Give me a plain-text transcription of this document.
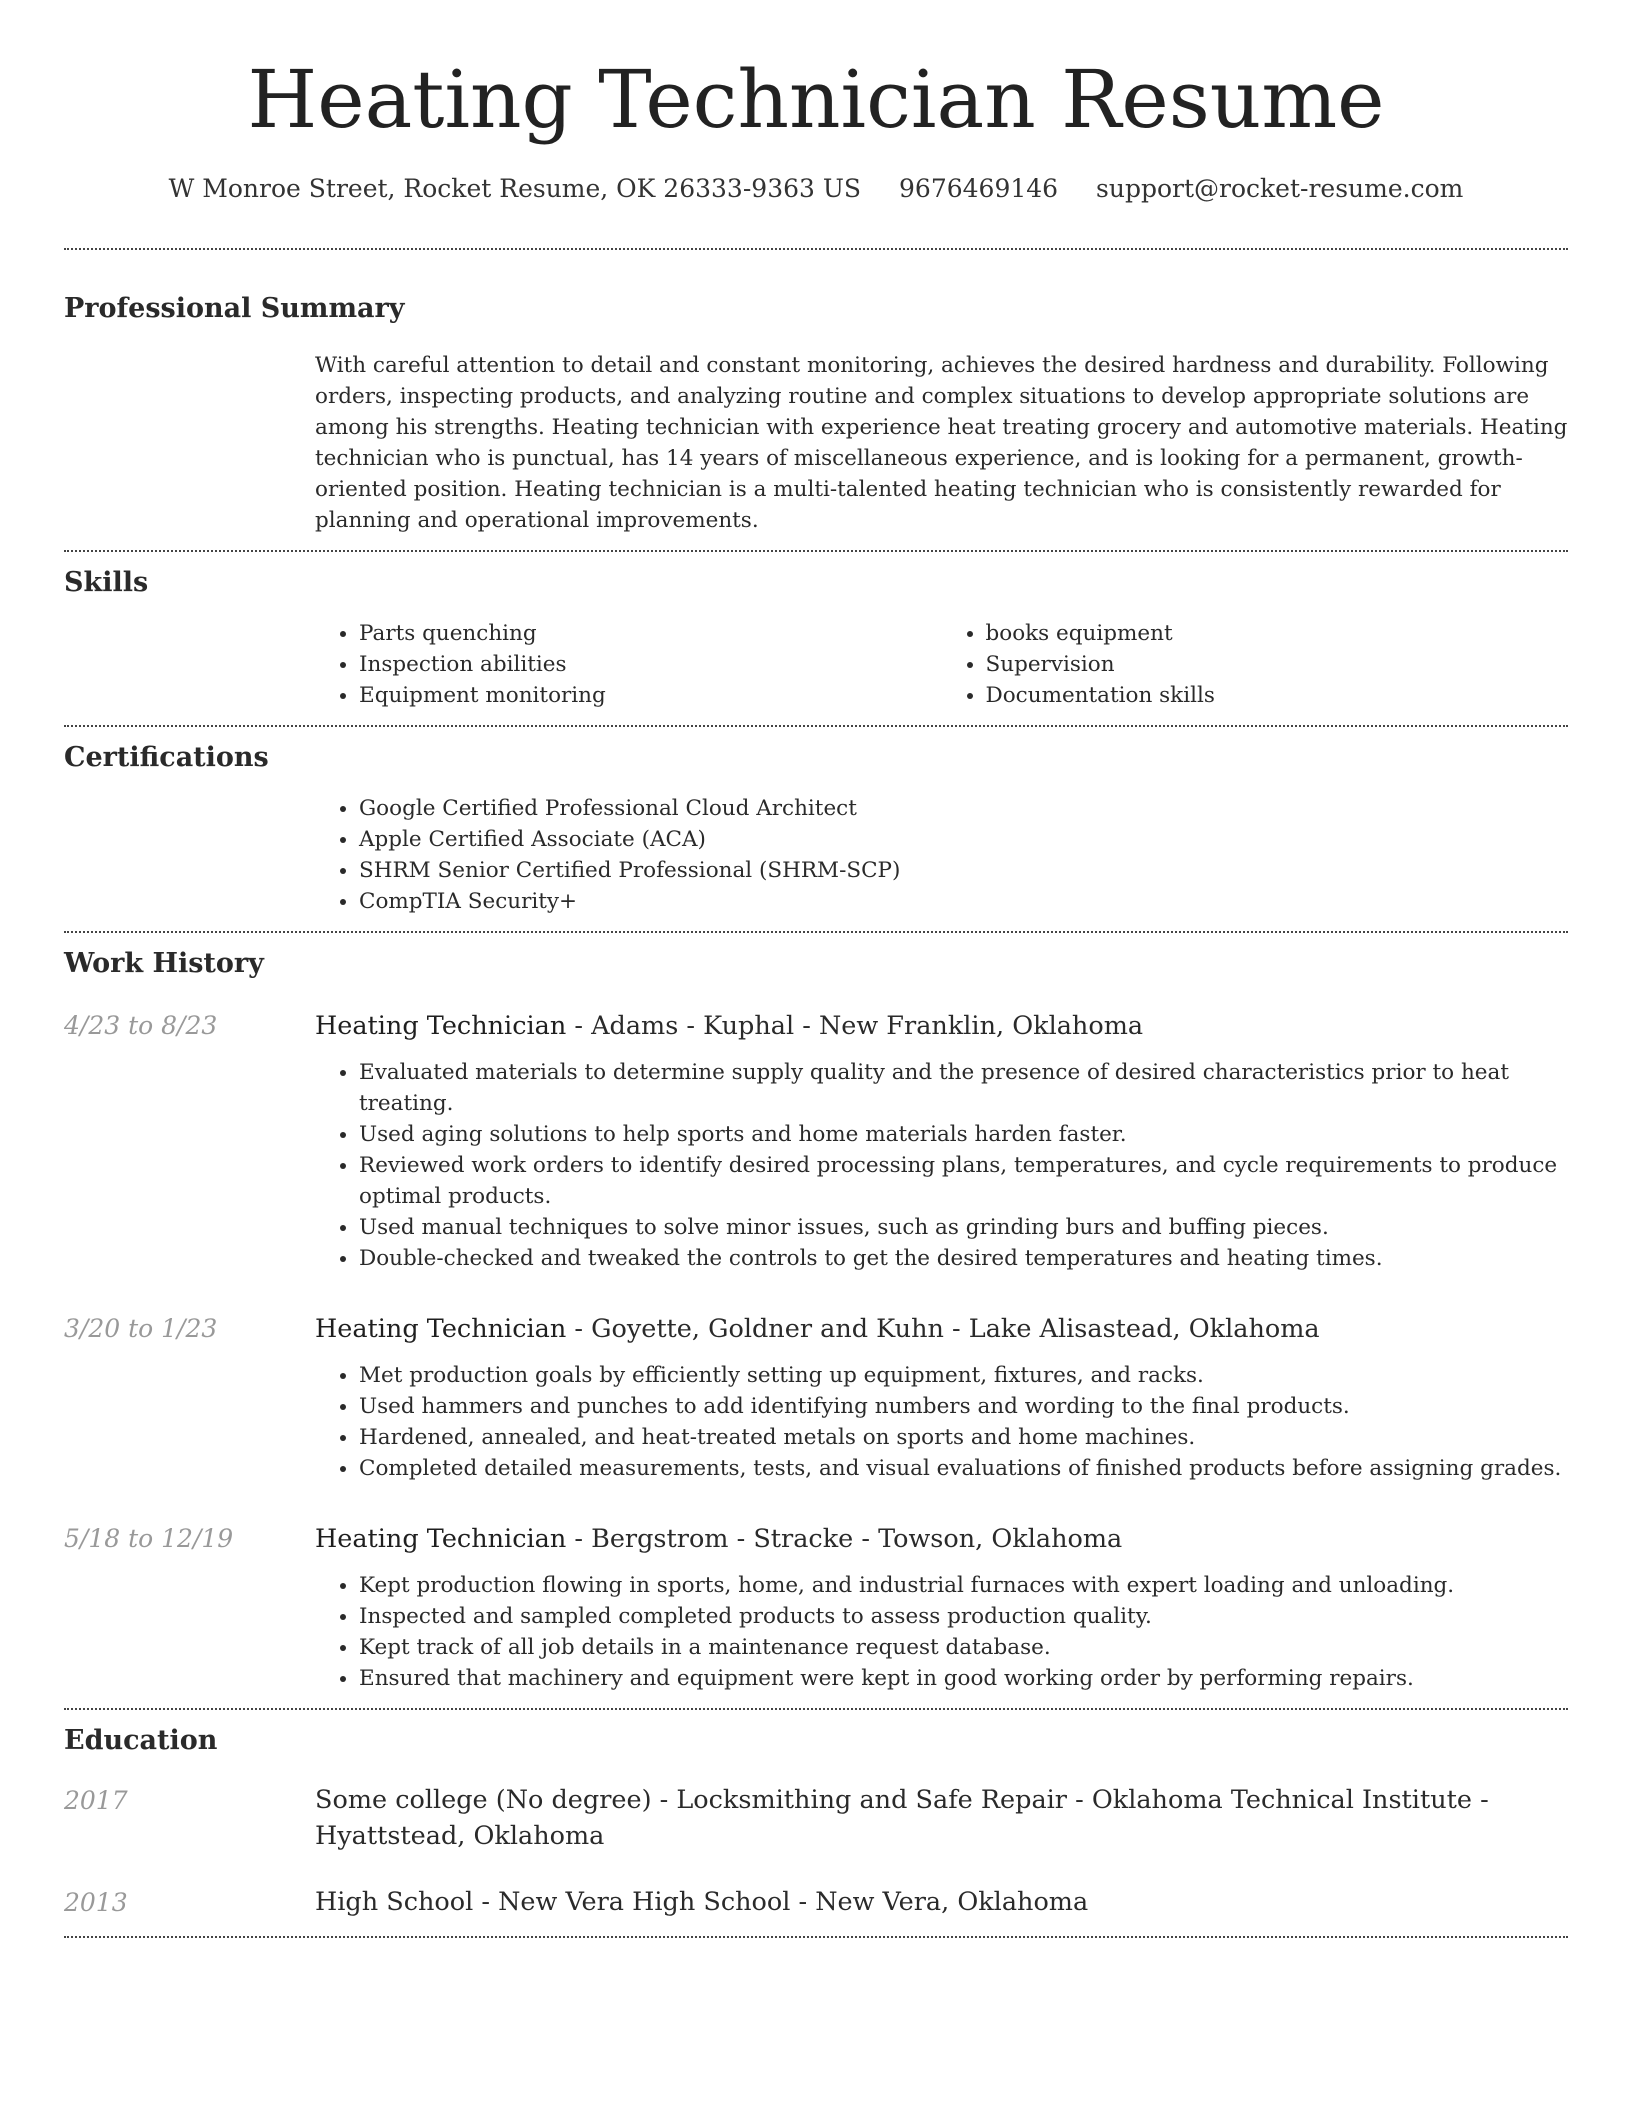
Heating Technician Resume
W Monroe Street, Rocket Resume, OK 26333-9363 US 9676469146 support@rocket-resume.com
Professional Summary

With careful attention to detail and constant monitoring, achieves the desired hardness and durability. Following orders, inspecting products, and analyzing routine and complex situations to develop appropriate solutions are among his strengths. Heating technician with experience heat treating grocery and automotive materials. Heating technician who is punctual, has 14 years of miscellaneous experience, and is looking for a permanent, growth-oriented position. Heating technician is a multi-talented heating technician who is consistently rewarded for planning and operational improvements.

Skills
• Parts quenching
• Inspection abilities
• Equipment monitoring
• books equipment
• Supervision
• Documentation skills
Certifications
• Google Certified Professional Cloud Architect
• Apple Certified Associate (ACA)
• SHRM Senior Certified Professional (SHRM-SCP)
• CompTIA Security+
Work History
4/23 to 8/23	Heating Technician - Adams - Kuphal - New Franklin, Oklahoma

• Evaluated materials to determine supply quality and the presence of desired characteristics prior to heat treating.
• Used aging solutions to help sports and home materials harden faster.
• Reviewed work orders to identify desired processing plans, temperatures, and cycle requirements to produce optimal products.
• Used manual techniques to solve minor issues, such as grinding burs and buffing pieces.
• Double-checked and tweaked the controls to get the desired temperatures and heating times.
3/20 to 1/23	Heating Technician - Goyette, Goldner and Kuhn - Lake Alisastead, Oklahoma

• Met production goals by efficiently setting up equipment, fixtures, and racks.
• Used hammers and punches to add identifying numbers and wording to the final products.
• Hardened, annealed, and heat-treated metals on sports and home machines.
• Completed detailed measurements, tests, and visual evaluations of finished products before assigning grades.
5/18 to 12/19	Heating Technician - Bergstrom - Stracke - Towson, Oklahoma

• Kept production flowing in sports, home, and industrial furnaces with expert loading and unloading.
• Inspected and sampled completed products to assess production quality.
• Kept track of all job details in a maintenance request database.
• Ensured that machinery and equipment were kept in good working order by performing repairs.
Education
2017	Some college (No degree) - Locksmithing and Safe Repair - Oklahoma Technical Institute - Hyattstead, Oklahoma

2013	High School - New Vera High School - New Vera, Oklahoma
